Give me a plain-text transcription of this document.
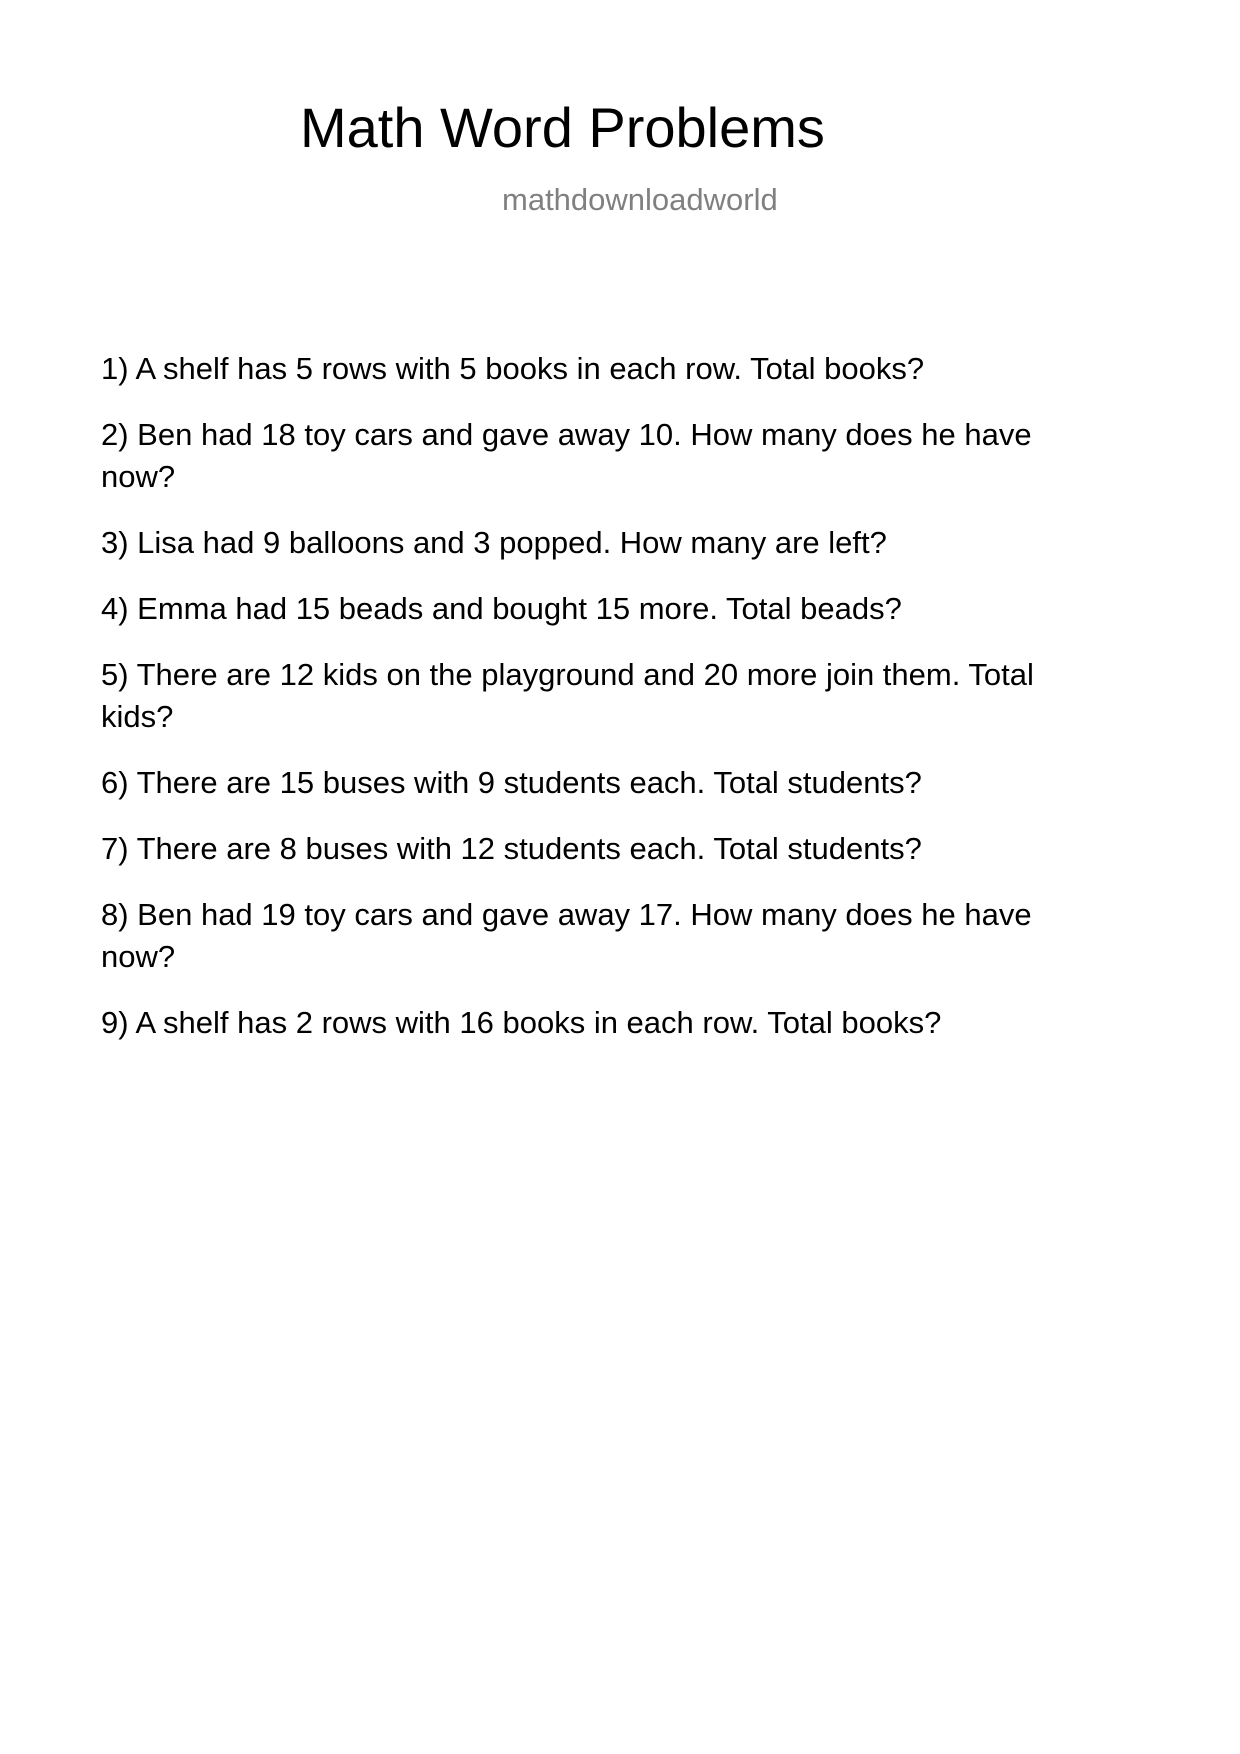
Math Word Problems
mathdownloadworld
1) A shelf has 5 rows with 5 books in each row. Total books?
2) Ben had 18 toy cars and gave away 10. How many does he have now?
3) Lisa had 9 balloons and 3 popped. How many are left?
4) Emma had 15 beads and bought 15 more. Total beads?
5) There are 12 kids on the playground and 20 more join them. Total kids?
6) There are 15 buses with 9 students each. Total students?
7) There are 8 buses with 12 students each. Total students?
8) Ben had 19 toy cars and gave away 17. How many does he have now?
9) A shelf has 2 rows with 16 books in each row. Total books?
